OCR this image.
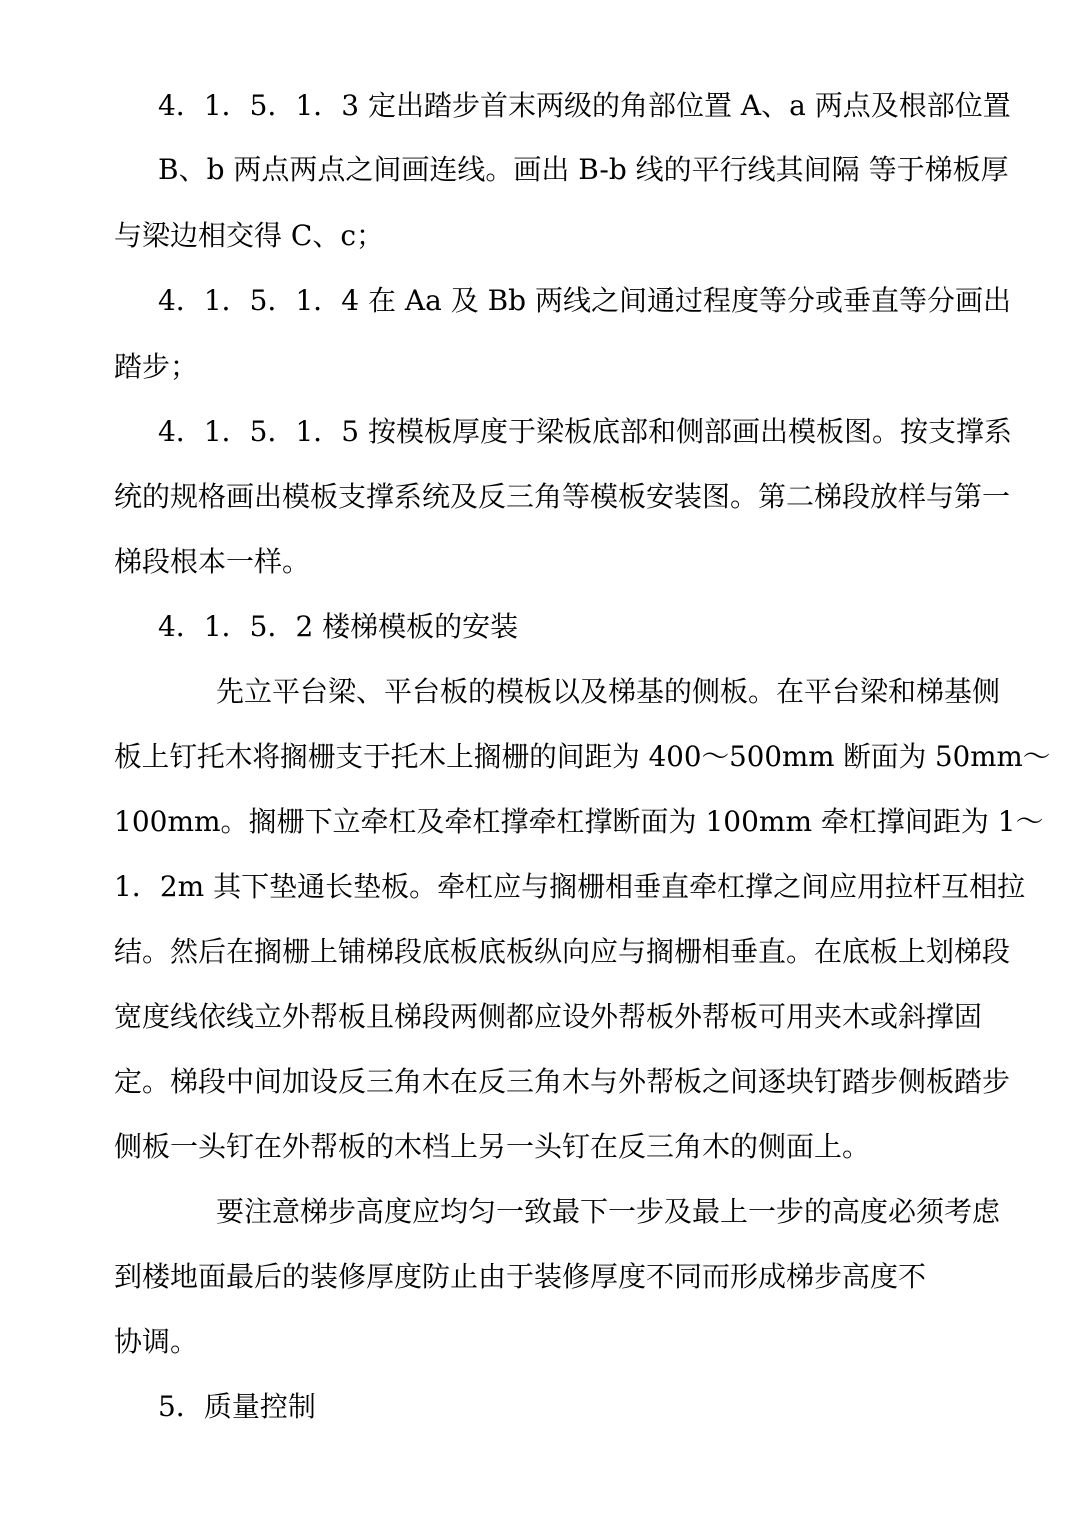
4．1．5．1．3 定出踏步首末两级的角部位置 A、a 两点及根部位置

B、b 两点两点之间画连线。画出 B-b 线的平行线其间隔 等于梯板厚

与梁边相交得 C、c；

4．1．5．1．4 在 Aa 及 Bb 两线之间通过程度等分或垂直等分画出

踏步；

4．1．5．1．5 按模板厚度于梁板底部和侧部画出模板图。按支撑系

统的规格画出模板支撑系统及反三角等模板安装图。第二梯段放样与第一

梯段根本一样。

4．1．5．2 楼梯模板的安装

先立平台梁、平台板的模板以及梯基的侧板。在平台梁和梯基侧

板上钉托木将搁栅支于托木上搁栅的间距为 400～500mm 断面为 50mm～

100mm。搁栅下立牵杠及牵杠撑牵杠撑断面为 100mm 牵杠撑间距为 1～

1．2m 其下垫通长垫板。牵杠应与搁栅相垂直牵杠撑之间应用拉杆互相拉

结。然后在搁栅上铺梯段底板底板纵向应与搁栅相垂直。在底板上划梯段

宽度线依线立外帮板且梯段两侧都应设外帮板外帮板可用夹木或斜撑固

定。梯段中间加设反三角木在反三角木与外帮板之间逐块钉踏步侧板踏步

侧板一头钉在外帮板的木档上另一头钉在反三角木的侧面上。

要注意梯步高度应均匀一致最下一步及最上一步的高度必须考虑

到楼地面最后的装修厚度防止由于装修厚度不同而形成梯步高度不

协调。

5．质量控制
